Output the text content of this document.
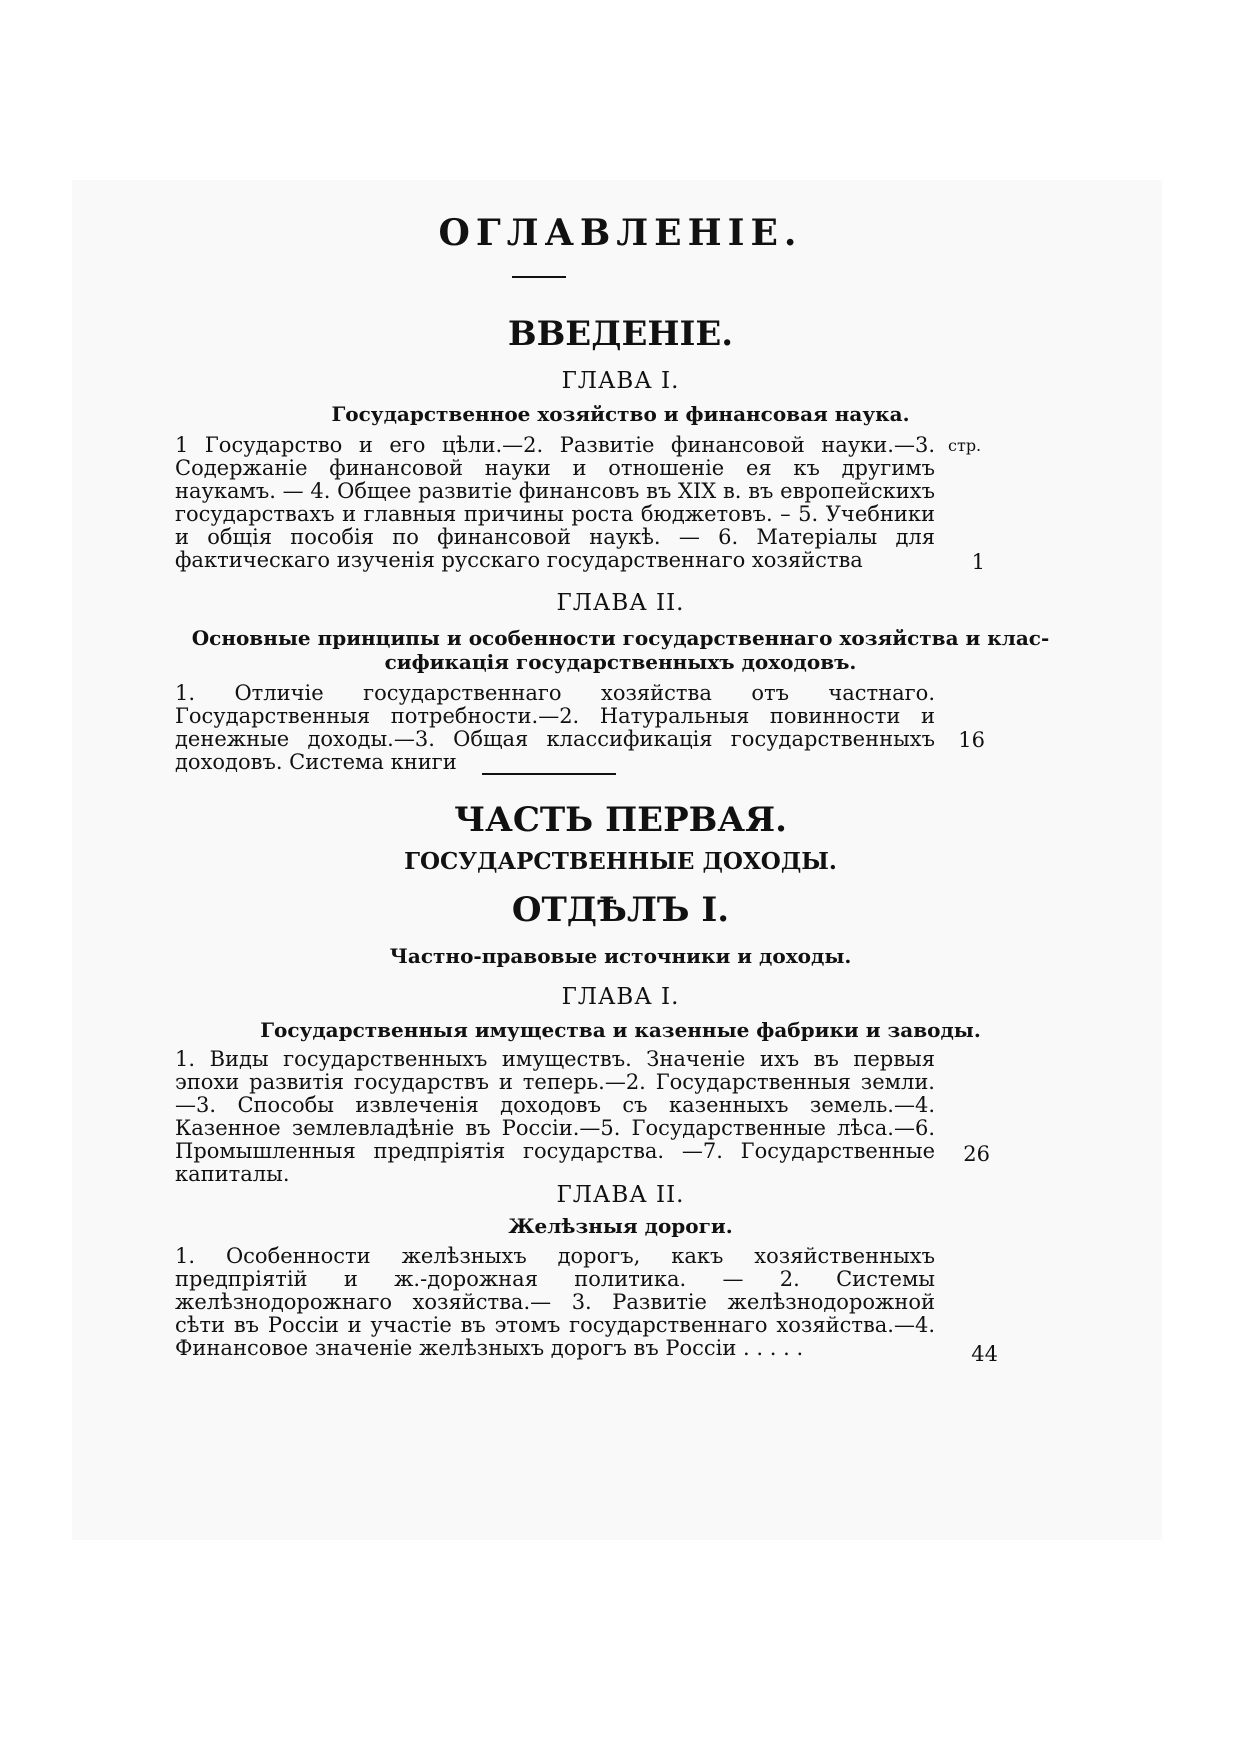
ОГЛАВЛЕНІЕ.
ВВЕДЕНІЕ.
ГЛАВА I.
Государственное хозяйство и финансовая наука.
стр.
1 Государство и его цѣли.—2. Развитіе финансовой науки.—3. Содержаніе финансовой науки и отношеніе ея къ другимъ наукамъ. — 4. Общее развитіе финансовъ въ XIX в. въ европейскихъ государствахъ и главныя причины роста бюджетовъ. – 5. Учебники и общія пособія по финансовой наукѣ. — 6. Матеріалы для фактическаго изученія русскаго государственнаго хозяйства	1
ГЛАВА II.
Основные принципы и особенности государственнаго хозяйства и клас-
сификація государственныхъ доходовъ.
1. Отличіе государственнаго хозяйства отъ частнаго. Государственныя потребности.—2. Натуральныя повинности и денежные доходы.—3. Общая классификація государственныхъ доходовъ. Система книги
16
ЧАСТЬ ПЕРВАЯ.
ГОСУДАРСТВЕННЫЕ ДОХОДЫ.
ОТДѢЛЪ I.
Частно-правовые источники и доходы.
ГЛАВА I.
Государственныя имущества и казенные фабрики и заводы.
1. Виды государственныхъ имуществъ. Значеніе ихъ въ первыя эпохи развитія государствъ и теперь.—2. Государственныя земли.—3. Способы извлеченія доходовъ съ казенныхъ земель.—4. Казенное землевладѣніе въ Россіи.—5. Государственные лѣса.—6. Промышленныя предпріятія государства. —7. Государственные капиталы.
26
ГЛАВА II.
Желѣзныя дороги.
1. Особенности желѣзныхъ дорогъ, какъ хозяйственныхъ предпріятій и ж.-дорожная политика. — 2. Системы желѣзнодорожнаго хозяйства.— 3. Развитіе желѣзнодорожной сѣти въ Россіи и участіе въ этомъ государственнаго хозяйства.—4. Финансовое значеніе желѣзныхъ дорогъ въ Россіи . . . . .	44
